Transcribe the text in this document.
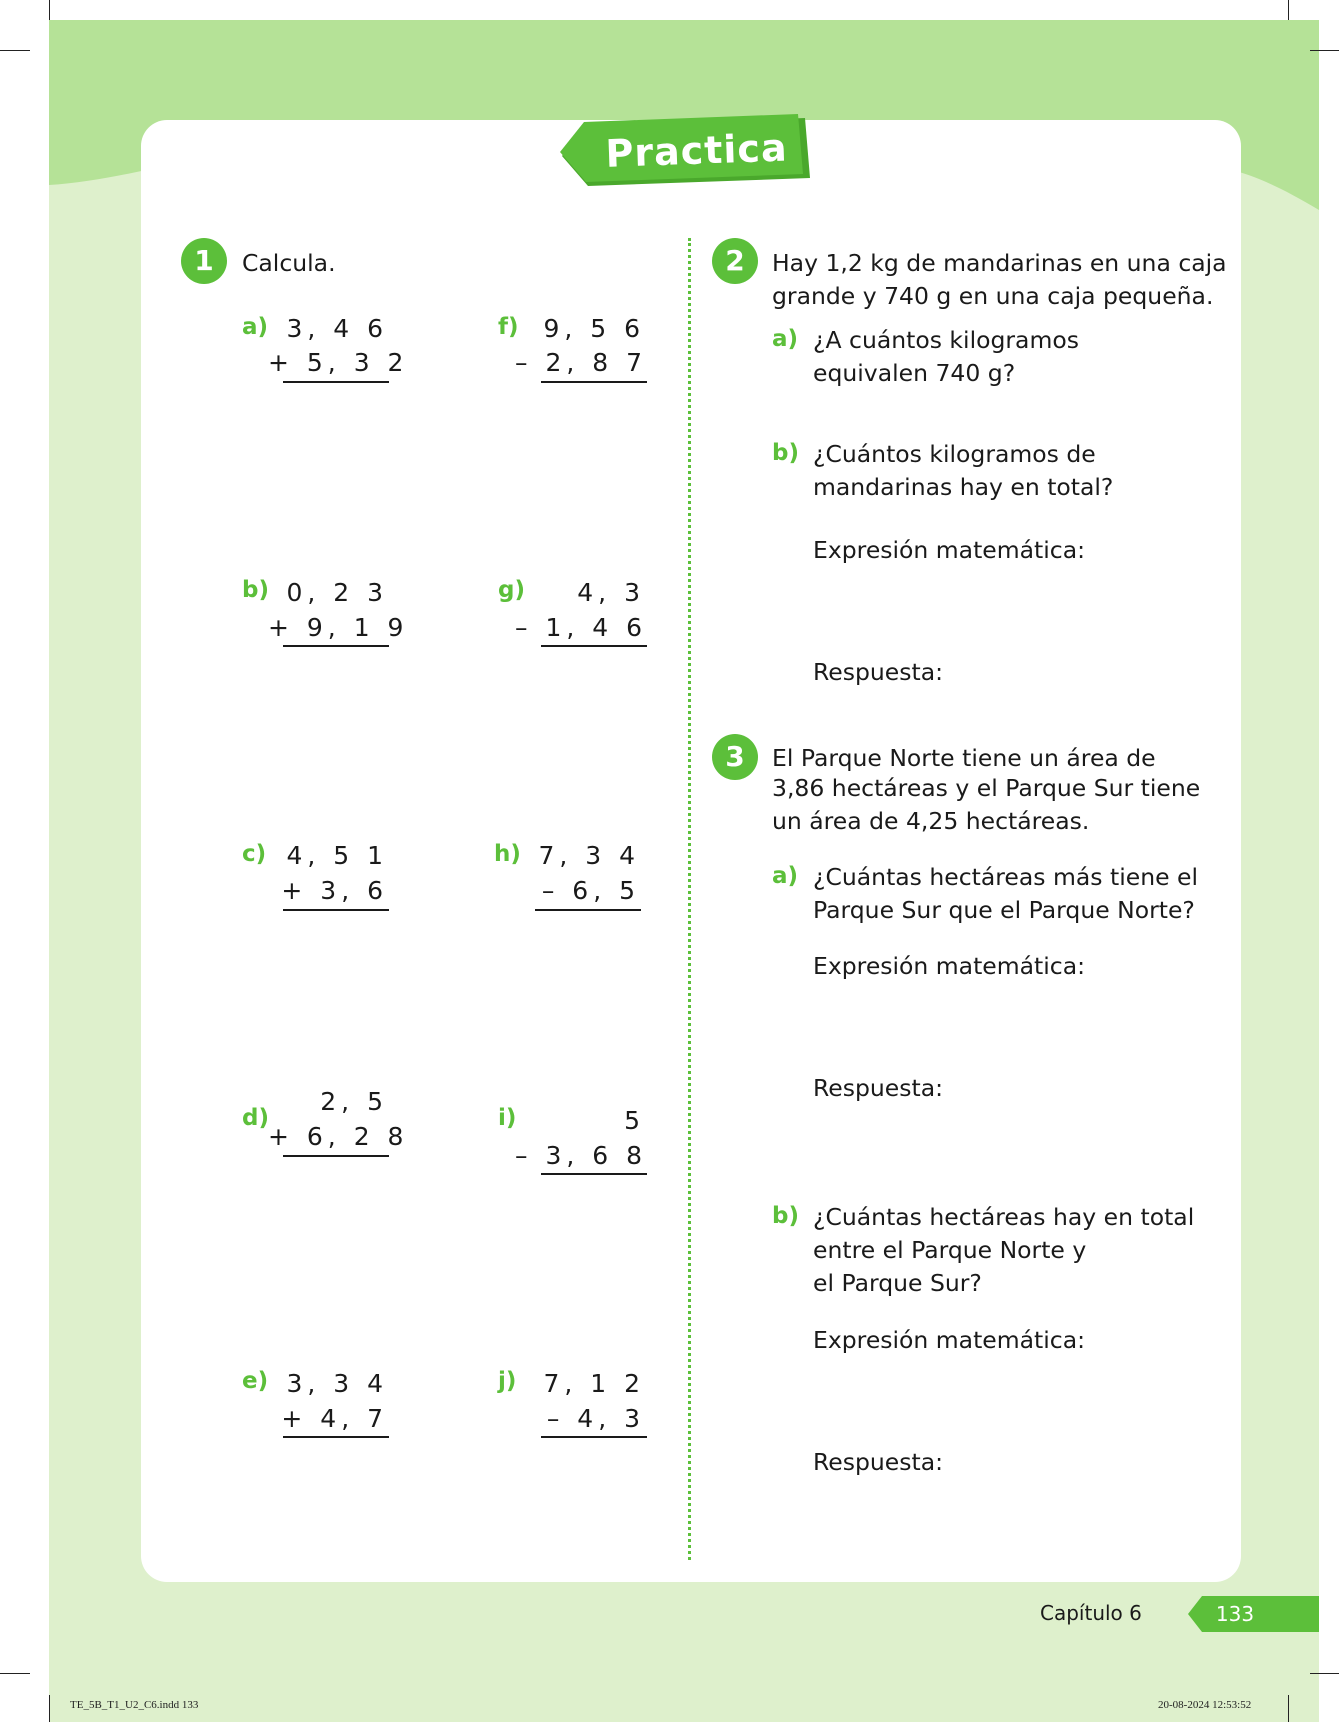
Practica
1	Calcula.
a) 3, 4 6
+ 5, 3 2
b) 0, 2 3
+ 9, 1 9
c) 4, 5 1
+ 3, 6
d)
2, 5
+ 6, 2 8
e) 3, 3 4
+ 4, 7
f) 9, 5 6
– 2, 8 7
g)	4, 3
– 1, 4 6
h) 7, 3 4
– 6, 5
i)	5
– 3, 6 8
j)	7, 1 2
– 4, 3
2	Hay 1,2 kg de mandarinas en una caja
grande y 740 g en una caja pequeña.
a) ¿A cuántos kilogramos
equivalen 740 g?
b) ¿Cuántos kilogramos de
mandarinas hay en total?
Expresión matemática:
Respuesta:
3	El Parque Norte tiene un área de
3,86 hectáreas y el Parque Sur tiene
un área de 4,25 hectáreas.
a) ¿Cuántas hectáreas más tiene el
Parque Sur que el Parque Norte?
Expresión matemática:
Respuesta:
b) ¿Cuántas hectáreas hay en total
entre el Parque Norte y
el Parque Sur?
Expresión matemática:
Respuesta:
Capítulo 6	133
TE_5B_T1_U2_C6.indd 133	20-08-2024 12:53:52
